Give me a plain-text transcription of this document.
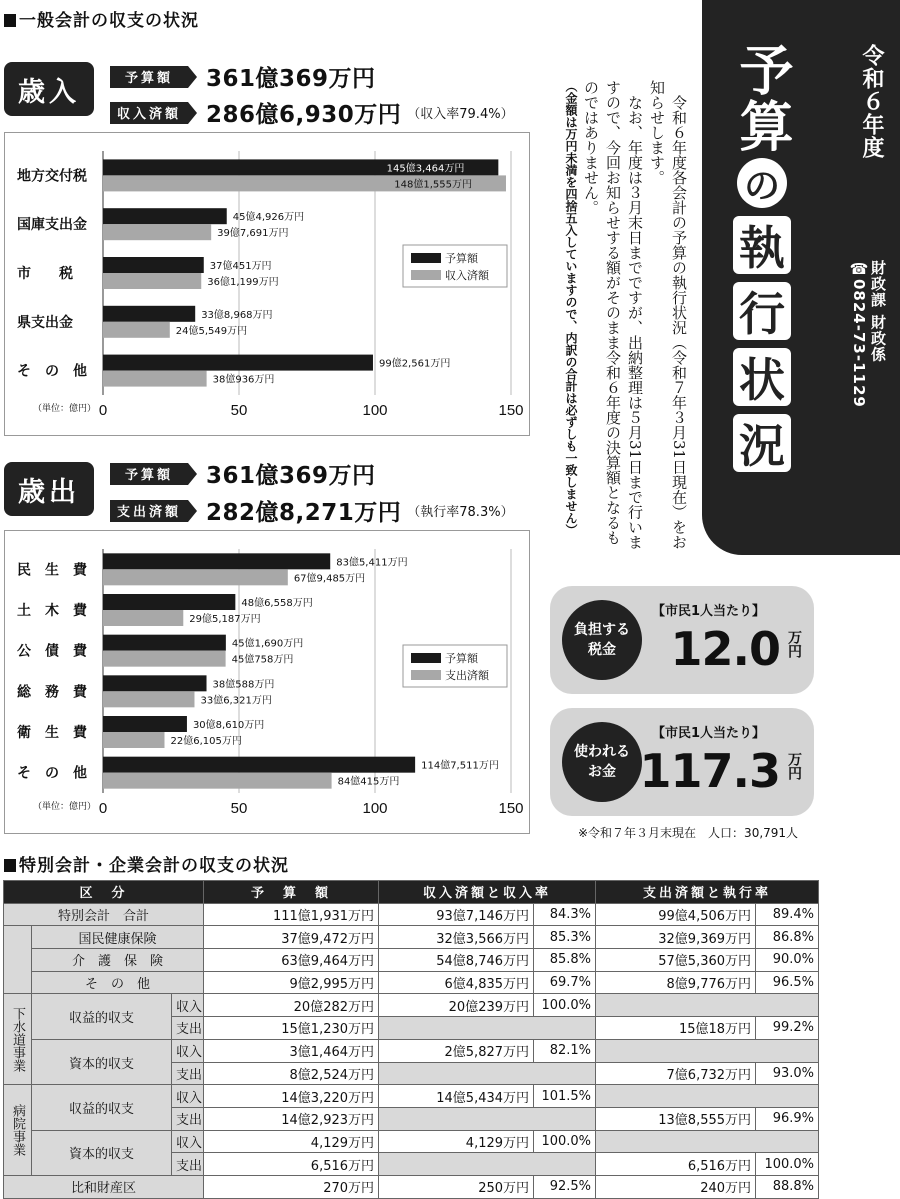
一般会計の収支の状況
歳入	予算額	361億369万円
収入済額	286億6,930万円 （収入率79.4%）
0	50	100	150
（単位：億円）
地方交付税	145億3,464万円
148億1,555万円
国庫支出金	45億4,926万円
39億7,691万円
市　　税	37億451万円
36億1,199万円
県支出金	33億8,968万円
24億5,549万円
そ　の　他	99億2,561万円
38億936万円
予算額
収入済額
歳出
予算額	361億369万円
支出済額	282億8,271万円 （執行率78.3%）
0	50	100	150
（単位：億円）
民　生　費	83億5,411万円
67億9,485万円
土　木　費	48億6,558万円
29億5,187万円
公　債　費	45億1,690万円
45億758万円
総　務　費	38億588万円
33億6,321万円
衛　生　費	30億8,610万円
22億6,105万円
そ　の　他	114億7,511万円
84億415万円
予算額
支出済額

令和６年度各会計の予算の執行状況（令和７年３月31日現在）をお知らせします。

なお、年度は３月末日までですが、出納整理は５月31日まで行いますので、今回お知らせする額がそのまま令和６年度の決算額となるものではありません。

（金額は万円未満を四捨五入していますので、内訳の合計は必ずしも一致しません）	令和６年度
予算
の
執
行
状
況
財政課 財政係
☎0824-73-1129
負担する
税金
【市民1人当たり】
12.0 万円
使われる
お金
【市民1人当たり】
117.3 万円
※令和７年３月末現在　人口：30,791人
特別会計・企業会計の収支の状況
区　分			予　算　額	収入済額と収入率		支出済額と執行率	
特別会計　合計			111億1,931万円	93億7,146万円	84.3%	99億4,506万円	89.4%
	国民健康保険		37億9,472万円	32億3,566万円	85.3%	32億9,369万円	86.8%
	介　護　保　険		63億9,464万円	54億8,746万円	85.8%	57億5,360万円	90.0%
	そ　の　他		9億2,995万円	6億4,835万円	69.7%	8億9,776万円	96.5%
下水道事業	収益的収支	収入	20億282万円	20億239万円	100.0%		
		支出	15億1,230万円			15億18万円	99.2%
	資本的収支	収入	3億1,464万円	2億5,827万円	82.1%		
		支出	8億2,524万円			7億6,732万円	93.0%
病院事業	収益的収支	収入	14億3,220万円	14億5,434万円	101.5%		
		支出	14億2,923万円			13億8,555万円	96.9%
	資本的収支	収入	4,129万円	4,129万円	100.0%		
		支出	6,516万円			6,516万円	100.0%
比和財産区			270万円	250万円	92.5%	240万円	88.8%
